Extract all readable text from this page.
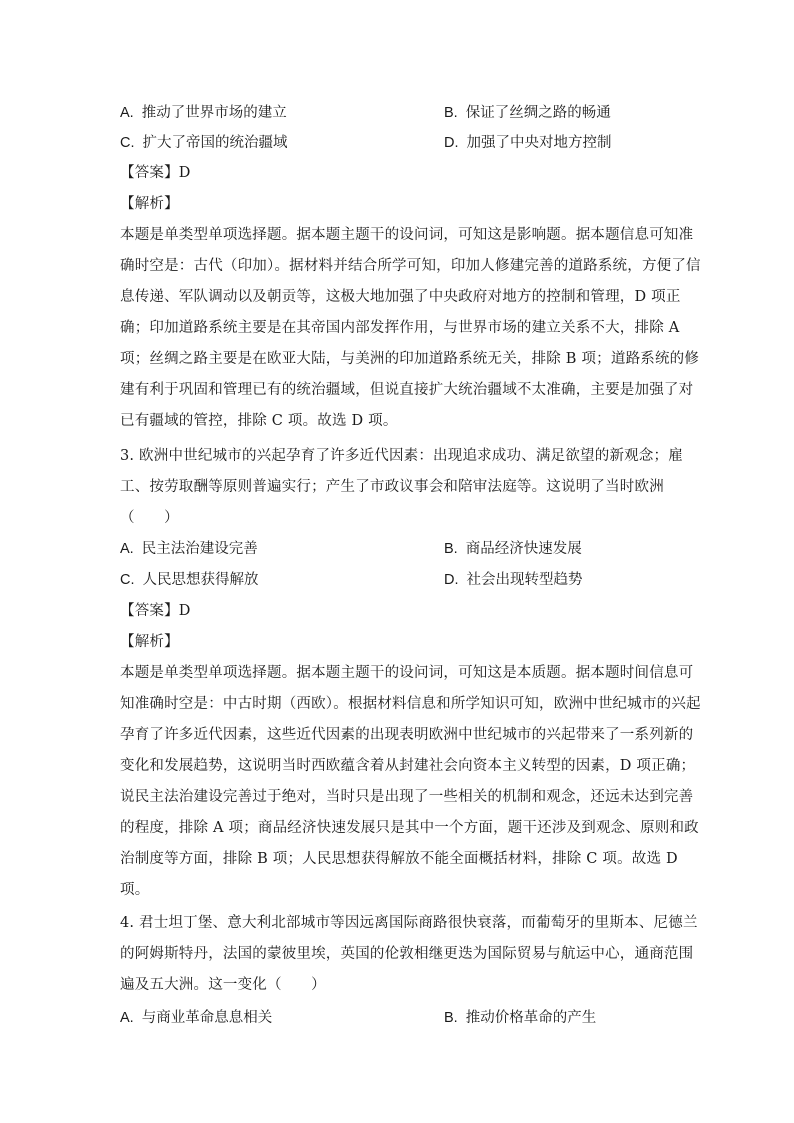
A. 推动了世界市场的建立	B. 保证了丝绸之路的畅通
C. 扩大了帝国的统治疆域	D. 加强了中央对地方控制
【答案】D
【解析】
本题是单类型单项选择题。据本题主题干的设问词，可知这是影响题。据本题信息可知准
确时空是：古代（印加）。据材料并结合所学可知，印加人修建完善的道路系统，方便了信
息传递、军队调动以及朝贡等，这极大地加强了中央政府对地方的控制和管理，D 项正
确；印加道路系统主要是在其帝国内部发挥作用，与世界市场的建立关系不大，排除 A
项；丝绸之路主要是在欧亚大陆，与美洲的印加道路系统无关，排除 B 项；道路系统的修
建有利于巩固和管理已有的统治疆域，但说直接扩大统治疆域不太准确，主要是加强了对
已有疆域的管控，排除 C 项。故选 D 项。
3. 欧洲中世纪城市的兴起孕育了许多近代因素：出现追求成功、满足欲望的新观念；雇
工、按劳取酬等原则普遍实行；产生了市政议事会和陪审法庭等。这说明了当时欧洲
（　　）
A. 民主法治建设完善	B. 商品经济快速发展
C. 人民思想获得解放	D. 社会出现转型趋势
【答案】D
【解析】
本题是单类型单项选择题。据本题主题干的设问词，可知这是本质题。据本题时间信息可
知准确时空是：中古时期（西欧）。根据材料信息和所学知识可知，欧洲中世纪城市的兴起
孕育了许多近代因素，这些近代因素的出现表明欧洲中世纪城市的兴起带来了一系列新的
变化和发展趋势，这说明当时西欧蕴含着从封建社会向资本主义转型的因素，D 项正确；
说民主法治建设完善过于绝对，当时只是出现了一些相关的机制和观念，还远未达到完善
的程度，排除 A 项；商品经济快速发展只是其中一个方面，题干还涉及到观念、原则和政
治制度等方面，排除 B 项；人民思想获得解放不能全面概括材料，排除 C 项。故选 D
项。
4. 君士坦丁堡、意大利北部城市等因远离国际商路很快衰落，而葡萄牙的里斯本、尼德兰
的阿姆斯特丹，法国的蒙彼里埃，英国的伦敦相继更迭为国际贸易与航运中心，通商范围
遍及五大洲。这一变化（　　）
A. 与商业革命息息相关	B. 推动价格革命的产生
